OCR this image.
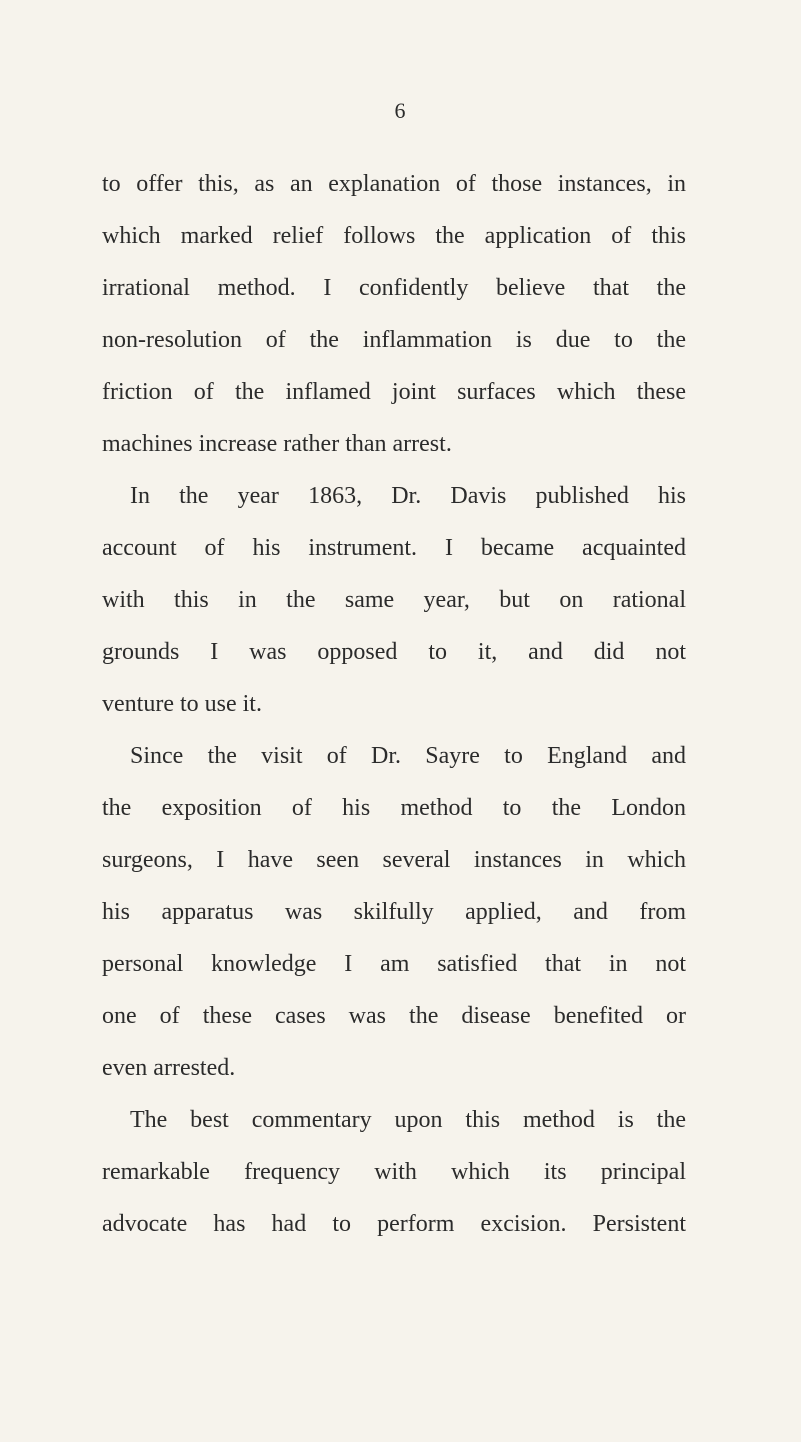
6
to offer this, as an explanation of those instances, in
which marked relief follows the application of this
irrational method. I confidently believe that the
non-resolution of the inflammation is due to the
friction of the inflamed joint surfaces which these
machines increase rather than arrest.
In the year 1863, Dr. Davis published his
account of his instrument. I became acquainted
with this in the same year, but on rational
grounds I was opposed to it, and did not
venture to use it.
Since the visit of Dr. Sayre to England and
the exposition of his method to the London
surgeons, I have seen several instances in which
his apparatus was skilfully applied, and from
personal knowledge I am satisfied that in not
one of these cases was the disease benefited or
even arrested.
The best commentary upon this method is the
remarkable frequency with which its principal
advocate has had to perform excision. Persistent
